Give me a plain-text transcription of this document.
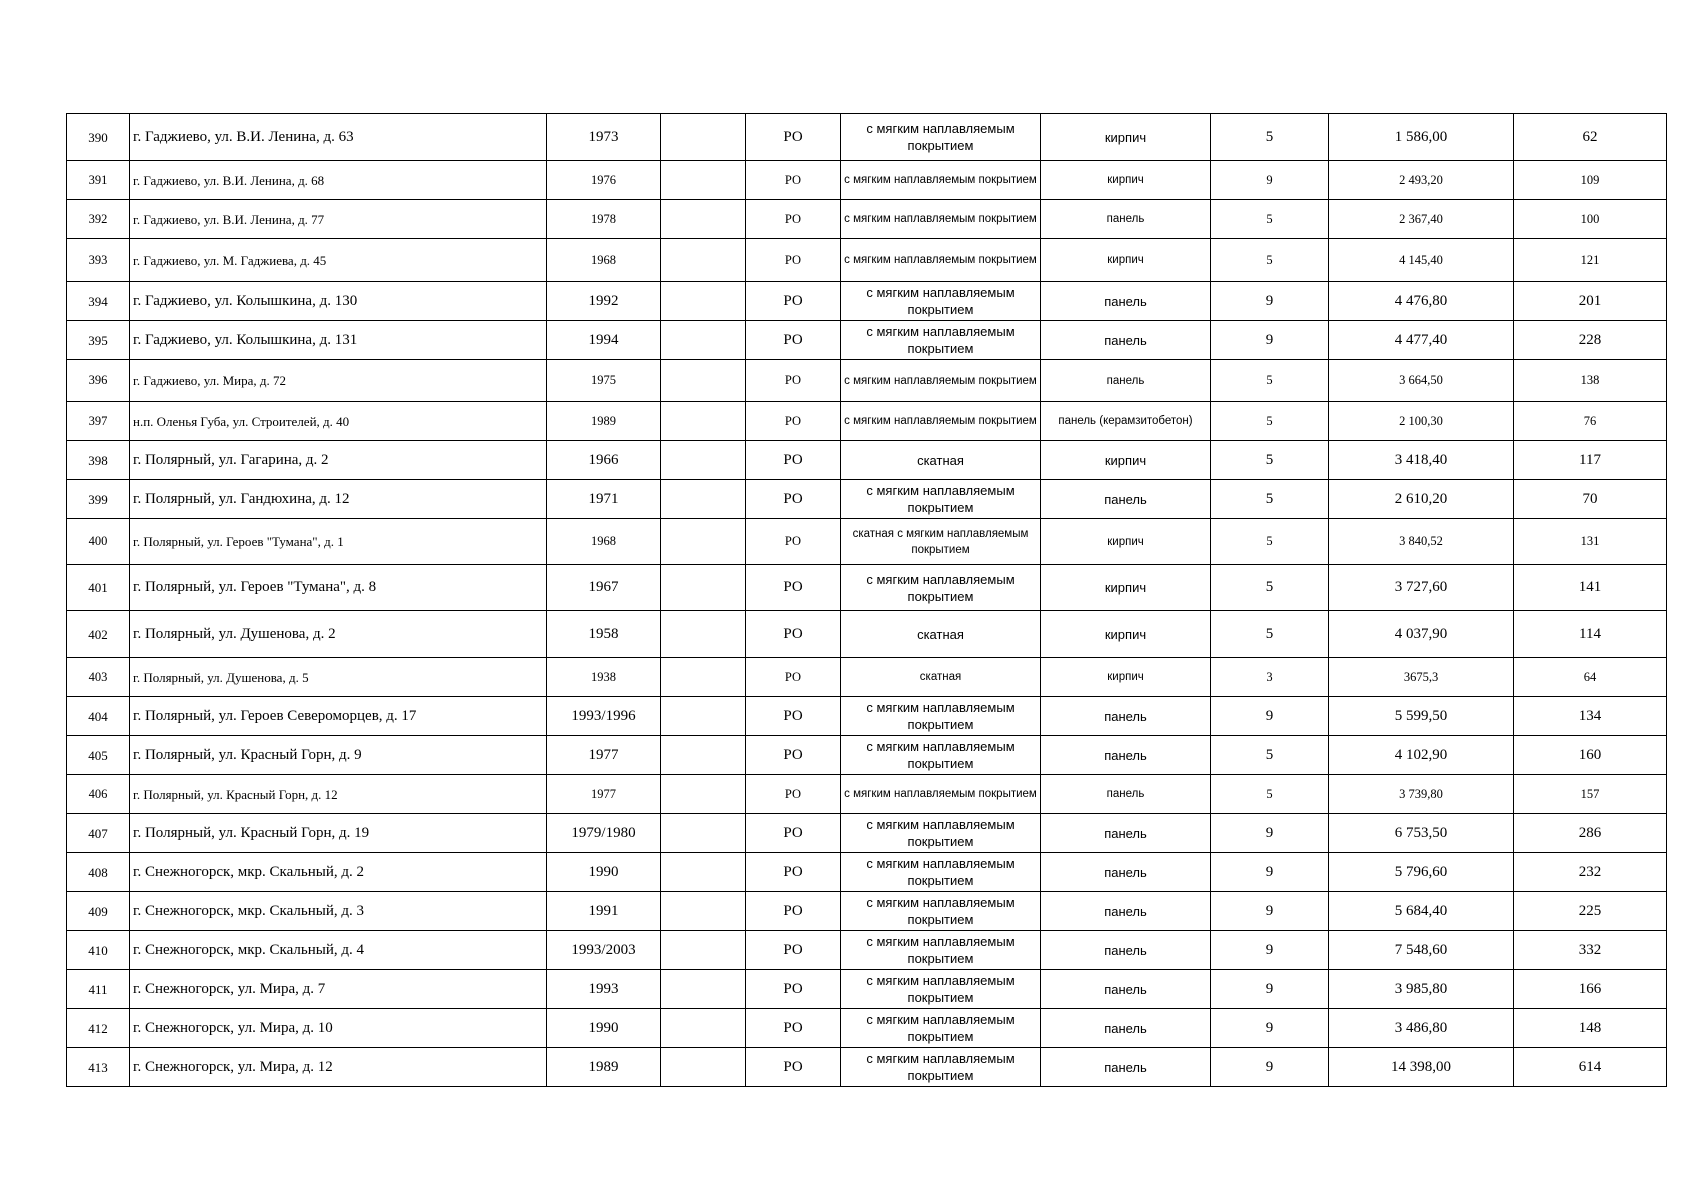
390	г. Гаджиево, ул. В.И. Ленина, д. 63	1973		РО	с мягким наплавляемым покрытием	кирпич	5	1 586,00	62
391	г. Гаджиево, ул. В.И. Ленина, д. 68	1976		РО	с мягким наплавляемым покрытием	кирпич	9	2 493,20	109
392	г. Гаджиево, ул. В.И. Ленина, д. 77	1978		РО	с мягким наплавляемым покрытием	панель	5	2 367,40	100
393	г. Гаджиево, ул. М. Гаджиева, д. 45	1968		РО	с мягким наплавляемым покрытием	кирпич	5	4 145,40	121
394	г. Гаджиево, ул. Колышкина, д. 130	1992		РО	с мягким наплавляемым покрытием	панель	9	4 476,80	201
395	г. Гаджиево, ул. Колышкина, д. 131	1994		РО	с мягким наплавляемым покрытием	панель	9	4 477,40	228
396	г. Гаджиево, ул. Мира, д. 72	1975		РО	с мягким наплавляемым покрытием	панель	5	3 664,50	138
397	н.п. Оленья Губа, ул. Строителей, д. 40	1989		РО	с мягким наплавляемым покрытием	панель (керамзитобетон)	5	2 100,30	76
398	г. Полярный, ул. Гагарина, д. 2	1966		РО	скатная	кирпич	5	3 418,40	117
399	г. Полярный, ул. Гандюхина, д. 12	1971		РО	с мягким наплавляемым покрытием	панель	5	2 610,20	70
400	г. Полярный, ул. Героев "Тумана", д. 1	1968		РО	скатная с мягким наплавляемым покрытием	кирпич	5	3 840,52	131
401	г. Полярный, ул. Героев "Тумана", д. 8	1967		РО	с мягким наплавляемым покрытием	кирпич	5	3 727,60	141
402	г. Полярный, ул. Душенова, д. 2	1958		РО	скатная	кирпич	5	4 037,90	114
403	г. Полярный, ул. Душенова, д. 5	1938		РО	скатная	кирпич	3	3675,3	64
404	г. Полярный, ул. Героев Североморцев, д. 17	1993/1996		РО	с мягким наплавляемым покрытием	панель	9	5 599,50	134
405	г. Полярный, ул. Красный Горн, д. 9	1977		РО	с мягким наплавляемым покрытием	панель	5	4 102,90	160
406	г. Полярный, ул. Красный Горн, д. 12	1977		РО	с мягким наплавляемым покрытием	панель	5	3 739,80	157
407	г. Полярный, ул. Красный Горн, д. 19	1979/1980		РО	с мягким наплавляемым покрытием	панель	9	6 753,50	286
408	г. Снежногорск, мкр. Скальный, д. 2	1990		РО	с мягким наплавляемым покрытием	панель	9	5 796,60	232
409	г. Снежногорск, мкр. Скальный, д. 3	1991		РО	с мягким наплавляемым покрытием	панель	9	5 684,40	225
410	г. Снежногорск, мкр. Скальный, д. 4	1993/2003		РО	с мягким наплавляемым покрытием	панель	9	7 548,60	332
411	г. Снежногорск, ул. Мира, д. 7	1993		РО	с мягким наплавляемым покрытием	панель	9	3 985,80	166
412	г. Снежногорск, ул. Мира, д. 10	1990		РО	с мягким наплавляемым покрытием	панель	9	3 486,80	148
413	г. Снежногорск, ул. Мира, д. 12	1989		РО	с мягким наплавляемым покрытием	панель	9	14 398,00	614
